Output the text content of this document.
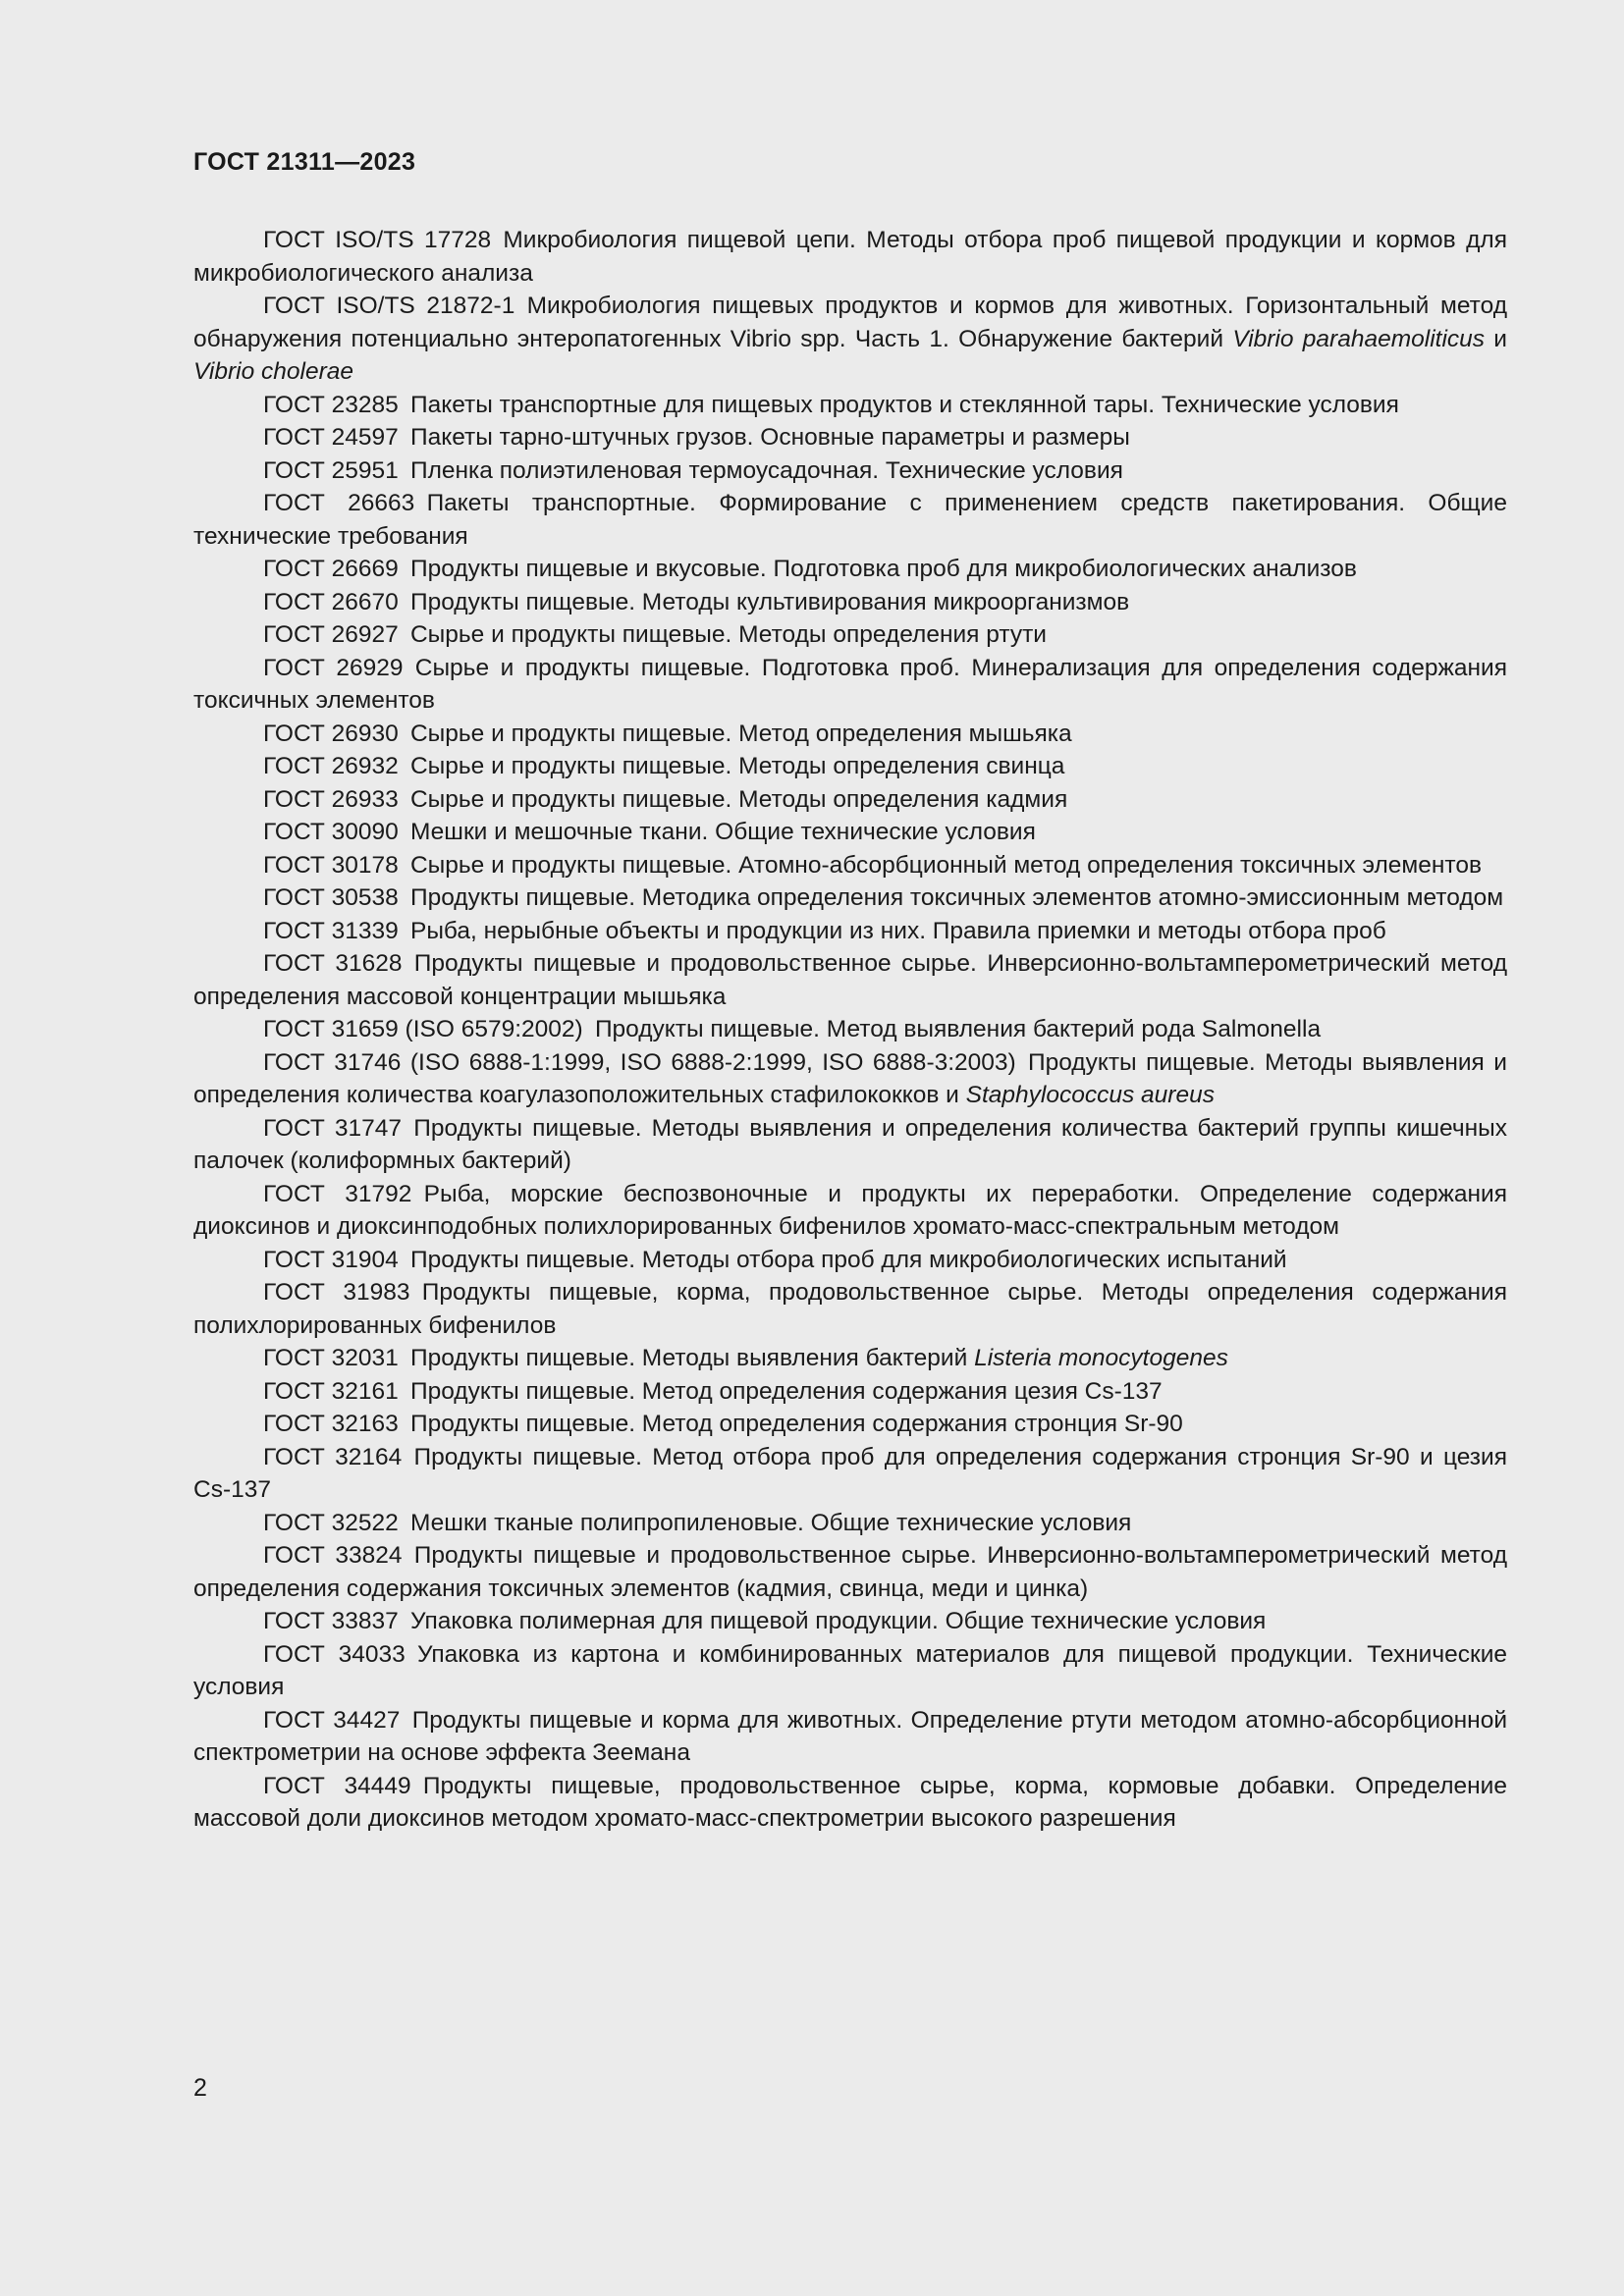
ГОСТ 21311—2023

ГОСТ ISO/TS 17728  Микробиология пищевой цепи. Методы отбора проб пищевой продукции и кормов для микробиологического анализа

ГОСТ ISO/TS 21872-1  Микробиология пищевых продуктов и кормов для животных. Горизонтальный метод обнаружения потенциально энтеропатогенных Vibrio spp. Часть 1. Обнаружение бактерий Vibrio parahaemoliticus и Vibrio cholerae

ГОСТ 23285  Пакеты транспортные для пищевых продуктов и стеклянной тары. Технические условия

ГОСТ 24597  Пакеты тарно-штучных грузов. Основные параметры и размеры

ГОСТ 25951  Пленка полиэтиленовая термоусадочная. Технические условия

ГОСТ 26663  Пакеты транспортные. Формирование с применением средств пакетирования. Общие технические требования

ГОСТ 26669  Продукты пищевые и вкусовые. Подготовка проб для микробиологических анализов

ГОСТ 26670  Продукты пищевые. Методы культивирования микроорганизмов

ГОСТ 26927  Сырье и продукты пищевые. Методы определения ртути

ГОСТ 26929  Сырье и продукты пищевые. Подготовка проб. Минерализация для определения содержания токсичных элементов

ГОСТ 26930  Сырье и продукты пищевые. Метод определения мышьяка

ГОСТ 26932  Сырье и продукты пищевые. Методы определения свинца

ГОСТ 26933  Сырье и продукты пищевые. Методы определения кадмия

ГОСТ 30090  Мешки и мешочные ткани. Общие технические условия

ГОСТ 30178  Сырье и продукты пищевые. Атомно-абсорбционный метод определения токсичных элементов

ГОСТ 30538  Продукты пищевые. Методика определения токсичных элементов атомно-эмиссионным методом

ГОСТ 31339  Рыба, нерыбные объекты и продукции из них. Правила приемки и методы отбора проб

ГОСТ 31628  Продукты пищевые и продовольственное сырье. Инверсионно-вольтамперометрический метод определения массовой концентрации мышьяка

ГОСТ 31659 (ISO 6579:2002)  Продукты пищевые. Метод выявления бактерий рода Salmonella

ГОСТ 31746 (ISO 6888-1:1999, ISO 6888-2:1999, ISO 6888-3:2003)  Продукты пищевые. Методы выявления и определения количества коагулазоположительных стафилококков и Staphylococcus aureus

ГОСТ 31747  Продукты пищевые. Методы выявления и определения количества бактерий группы кишечных палочек (колиформных бактерий)

ГОСТ 31792  Рыба, морские беспозвоночные и продукты их переработки. Определение содержания диоксинов и диоксинподобных полихлорированных бифенилов хромато-масс-спектральным методом

ГОСТ 31904  Продукты пищевые. Методы отбора проб для микробиологических испытаний

ГОСТ 31983  Продукты пищевые, корма, продовольственное сырье. Методы определения содержания полихлорированных бифенилов

ГОСТ 32031  Продукты пищевые. Методы выявления бактерий Listeria monocytogenes

ГОСТ 32161  Продукты пищевые. Метод определения содержания цезия Cs-137

ГОСТ 32163  Продукты пищевые. Метод определения содержания стронция Sr-90

ГОСТ 32164  Продукты пищевые. Метод отбора проб для определения содержания стронция Sr-90 и цезия Cs-137

ГОСТ 32522  Мешки тканые полипропиленовые. Общие технические условия

ГОСТ 33824  Продукты пищевые и продовольственное сырье. Инверсионно-вольтамперометрический метод определения содержания токсичных элементов (кадмия, свинца, меди и цинка)

ГОСТ 33837  Упаковка полимерная для пищевой продукции. Общие технические условия

ГОСТ 34033  Упаковка из картона и комбинированных материалов для пищевой продукции. Технические условия

ГОСТ 34427  Продукты пищевые и корма для животных. Определение ртути методом атомно-абсорбционной спектрометрии на основе эффекта Зеемана

ГОСТ 34449  Продукты пищевые, продовольственное сырье, корма, кормовые добавки. Определение массовой доли диоксинов методом хромато-масс-спектрометрии высокого разрешения

2
